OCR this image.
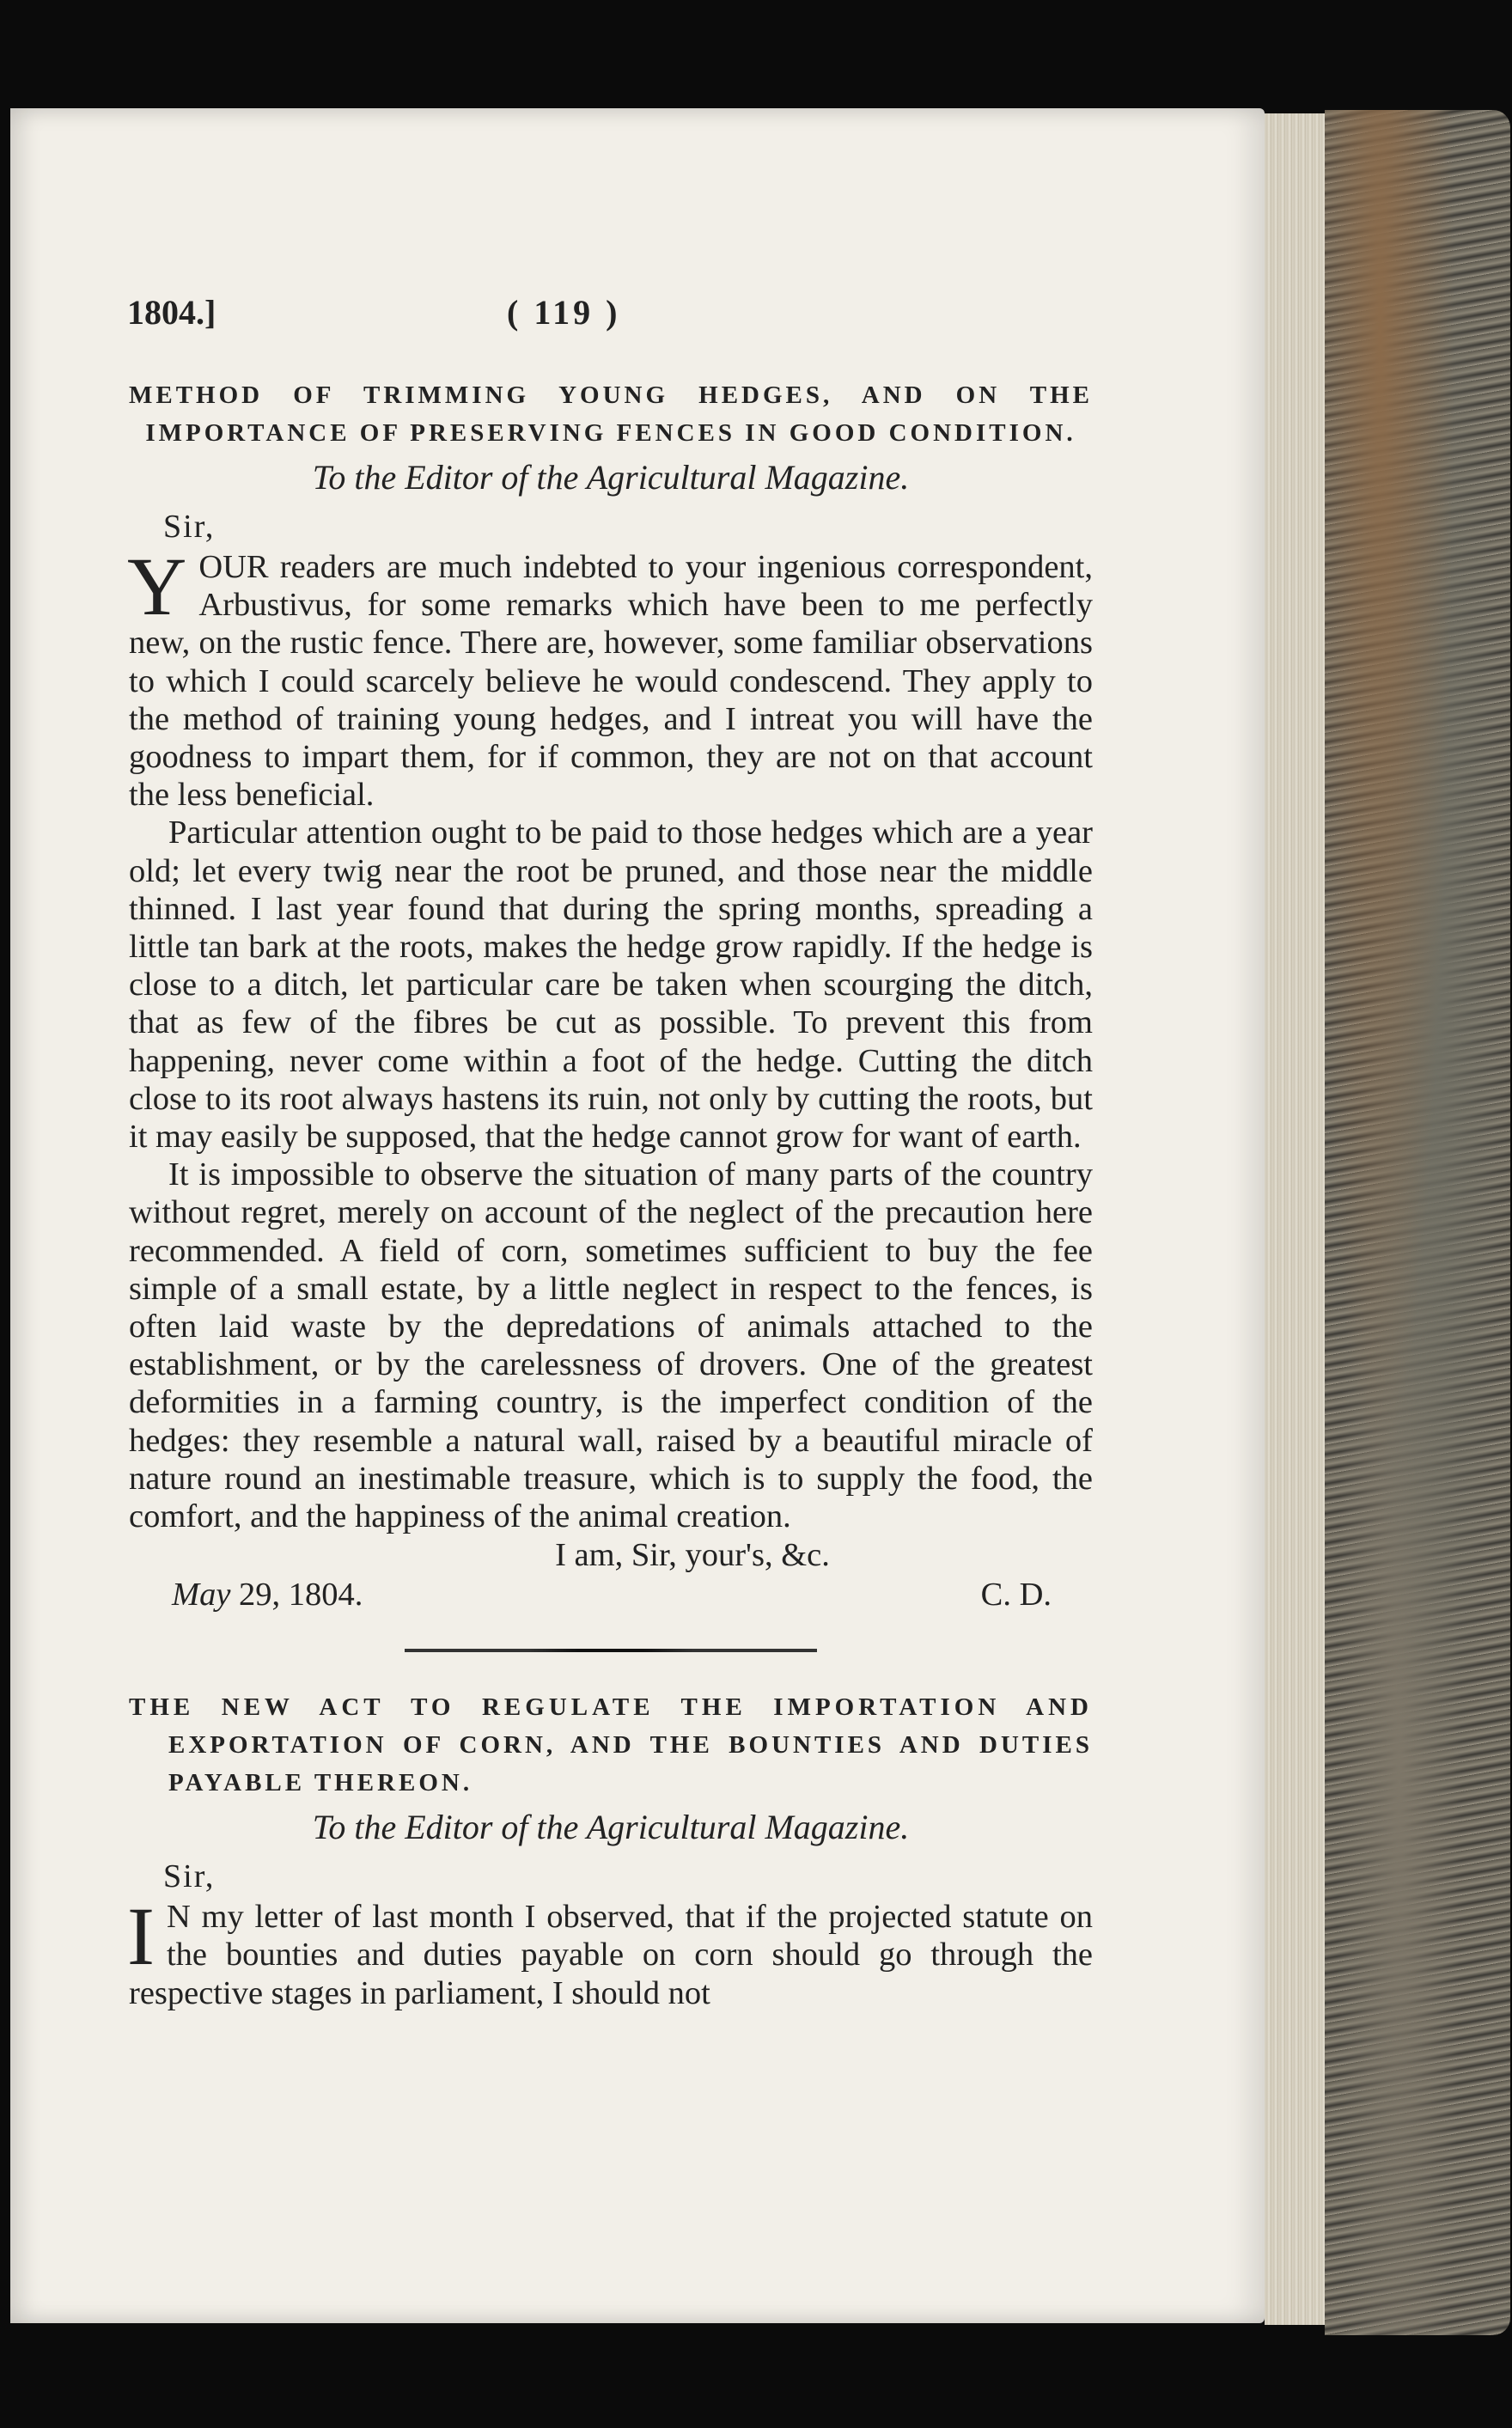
1804.]	( 119 )

METHOD OF TRIMMING YOUNG HEDGES, AND ON THE IMPORTANCE OF PRESERVING FENCES IN GOOD CONDITION.

To the Editor of the Agricultural Magazine.

Sir,

YOUR readers are much indebted to your ingenious correspondent, Arbustivus, for some remarks which have been to me perfectly new, on the rustic fence. There are, however, some familiar observations to which I could scarcely believe he would condescend. They apply to the method of training young hedges, and I intreat you will have the goodness to impart them, for if common, they are not on that account the less beneficial.

Particular attention ought to be paid to those hedges which are a year old; let every twig near the root be pruned, and those near the middle thinned. I last year found that during the spring months, spreading a little tan bark at the roots, makes the hedge grow rapidly. If the hedge is close to a ditch, let particular care be taken when scourging the ditch, that as few of the fibres be cut as possible. To prevent this from happening, never come within a foot of the hedge. Cutting the ditch close to its root always hastens its ruin, not only by cutting the roots, but it may easily be supposed, that the hedge cannot grow for want of earth.

It is impossible to observe the situation of many parts of the country without regret, merely on account of the neglect of the precaution here recommended. A field of corn, sometimes sufficient to buy the fee simple of a small estate, by a little neglect in respect to the fences, is often laid waste by the depredations of animals attached to the establishment, or by the carelessness of drovers. One of the greatest deformities in a farming country, is the imperfect condition of the hedges: they resemble a natural wall, raised by a beautiful miracle of nature round an inestimable treasure, which is to supply the food, the comfort, and the happiness of the animal creation.

I am, Sir, your's, &c.

May 29, 1804.	C. D.

THE NEW ACT TO REGULATE THE IMPORTATION AND

EXPORTATION OF CORN, AND THE BOUNTIES AND DUTIES PAYABLE THEREON.

To the Editor of the Agricultural Magazine.

Sir,

I N my letter of last month I observed, that if the projected statute on the bounties and duties payable on corn should go through the respective stages in parliament, I should not
